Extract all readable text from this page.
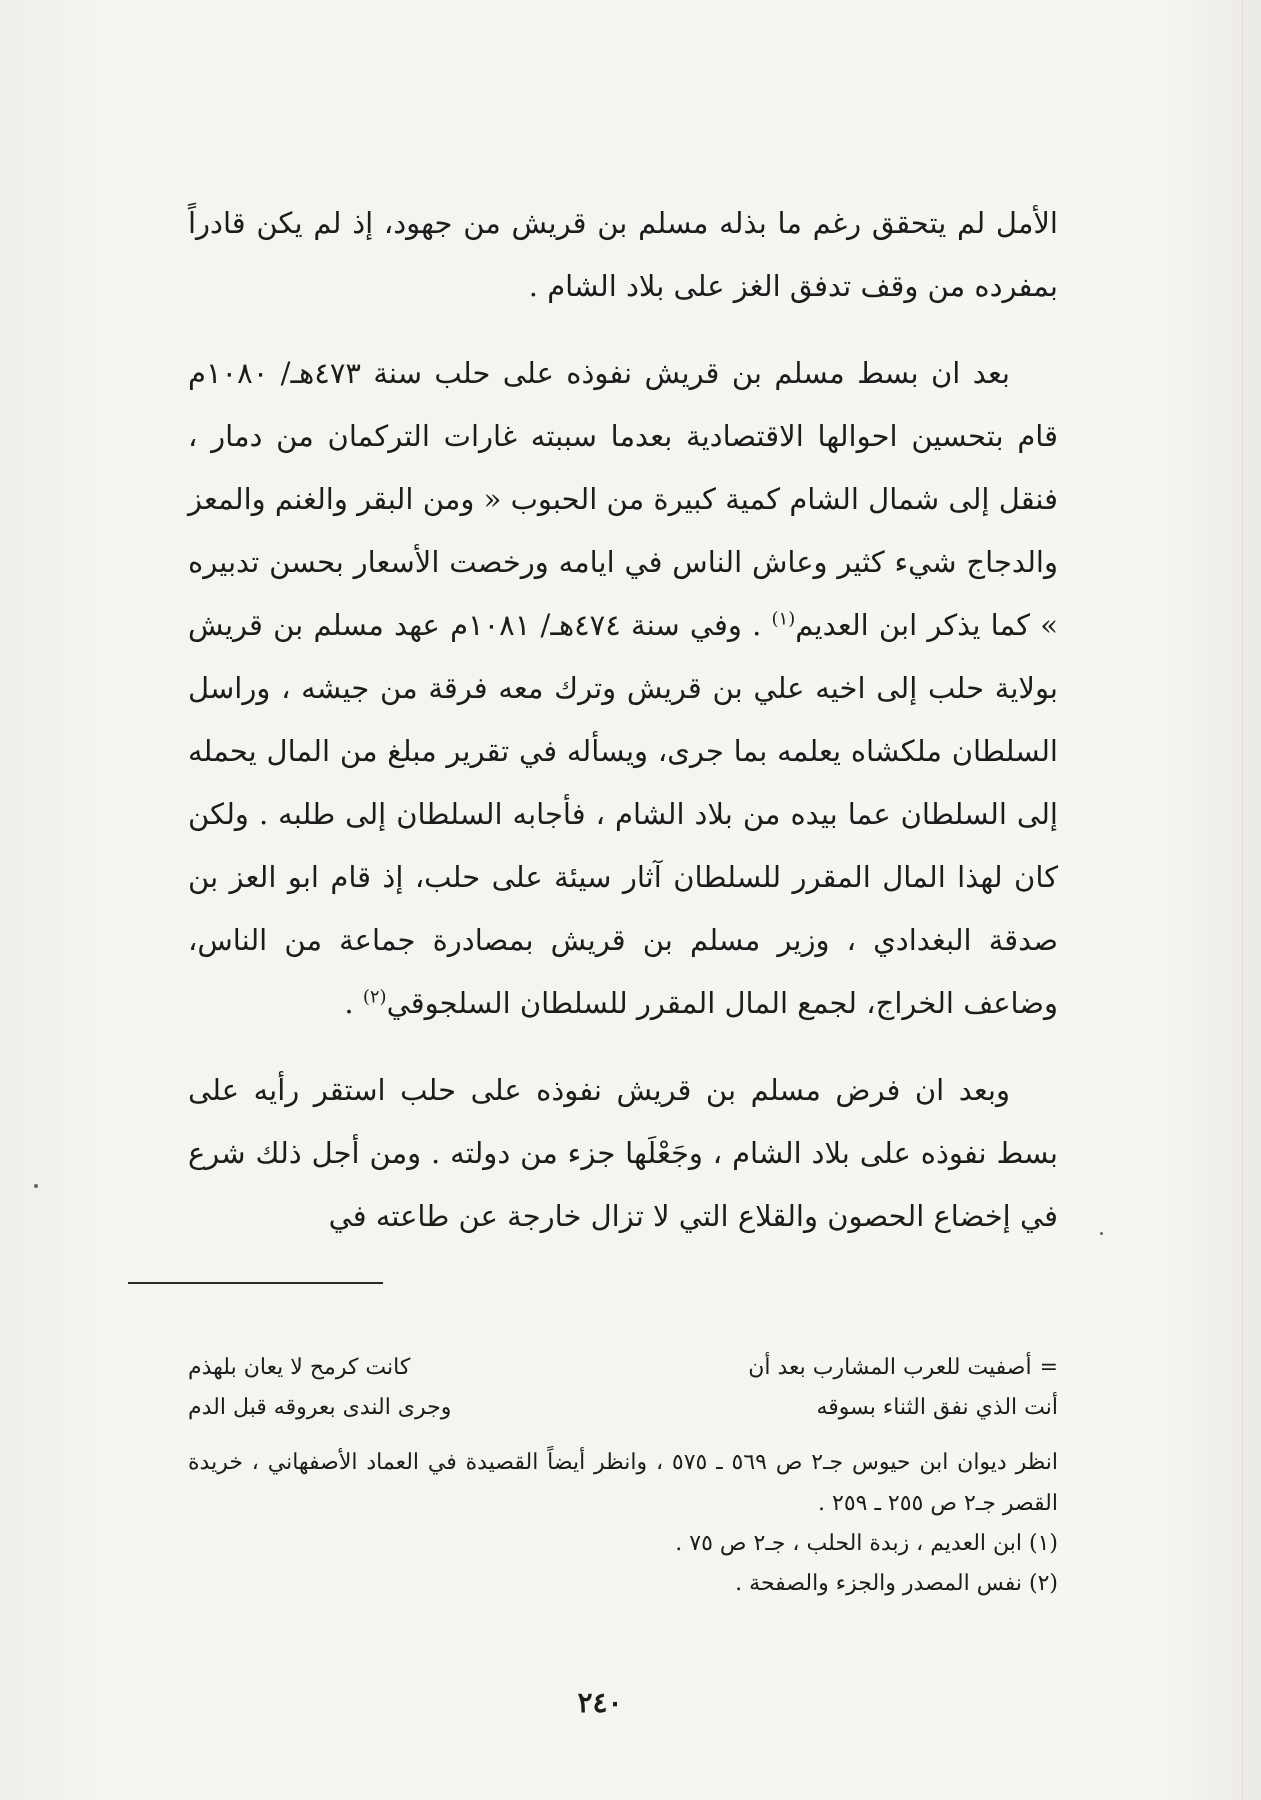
الأمل لم يتحقق رغم ما بذله مسلم بن قريش من جهود، إذ لم يكن قادراً بمفرده من وقف تدفق الغز على بلاد الشام .

بعد ان بسط مسلم بن قريش نفوذه على حلب سنة ٤٧٣هـ/ ١٠٨٠م قام بتحسين احوالها الاقتصادية بعدما سببته غارات التركمان من دمار ، فنقل إلى شمال الشام كمية كبيرة من الحبوب « ومن البقر والغنم والمعز والدجاج شيء كثير وعاش الناس في ايامه ورخصت الأسعار بحسن تدبيره » كما يذكر ابن العديم$^{(١)}$ . وفي سنة ٤٧٤هـ/ ١٠٨١م عهد مسلم بن قريش بولاية حلب إلى اخيه علي بن قريش وترك معه فرقة من جيشه ، وراسل السلطان ملكشاه يعلمه بما جرى، ويسأله في تقرير مبلغ من المال يحمله إلى السلطان عما بيده من بلاد الشام ، فأجابه السلطان إلى طلبه . ولكن كان لهذا المال المقرر للسلطان آثار سيئة على حلب، إذ قام ابو العز بن صدقة البغدادي ، وزير مسلم بن قريش بمصادرة جماعة من الناس، وضاعف الخراج، لجمع المال المقرر للسلطان السلجوقي$^{(٢)}$ .

وبعد ان فرض مسلم بن قريش نفوذه على حلب استقر رأيه على بسط نفوذه على بلاد الشام ، وجَعْلَها جزء من دولته . ومن أجل ذلك شرع في إخضاع الحصون والقلاع التي لا تزال خارجة عن طاعته في

=أصفيت للعرب المشارب بعد أن
كانت كرمح لا يعان بلهذم
أنت الذي نفق الثناء بسوقه
وجرى الندى بعروقه قبل الدم
انظر ديوان ابن حيوس جـ٢ ص ٥٦٩ ـ ٥٧٥ ، وانظر أيضاً القصيدة في العماد الأصفهاني ، خريدة القصر جـ٢ ص ٢٥٥ ـ ٢٥٩ .
(١) ابن العديم ، زبدة الحلب ، جـ٢ ص ٧٥ .
(٢) نفس المصدر والجزء والصفحة .
٢٤٠
